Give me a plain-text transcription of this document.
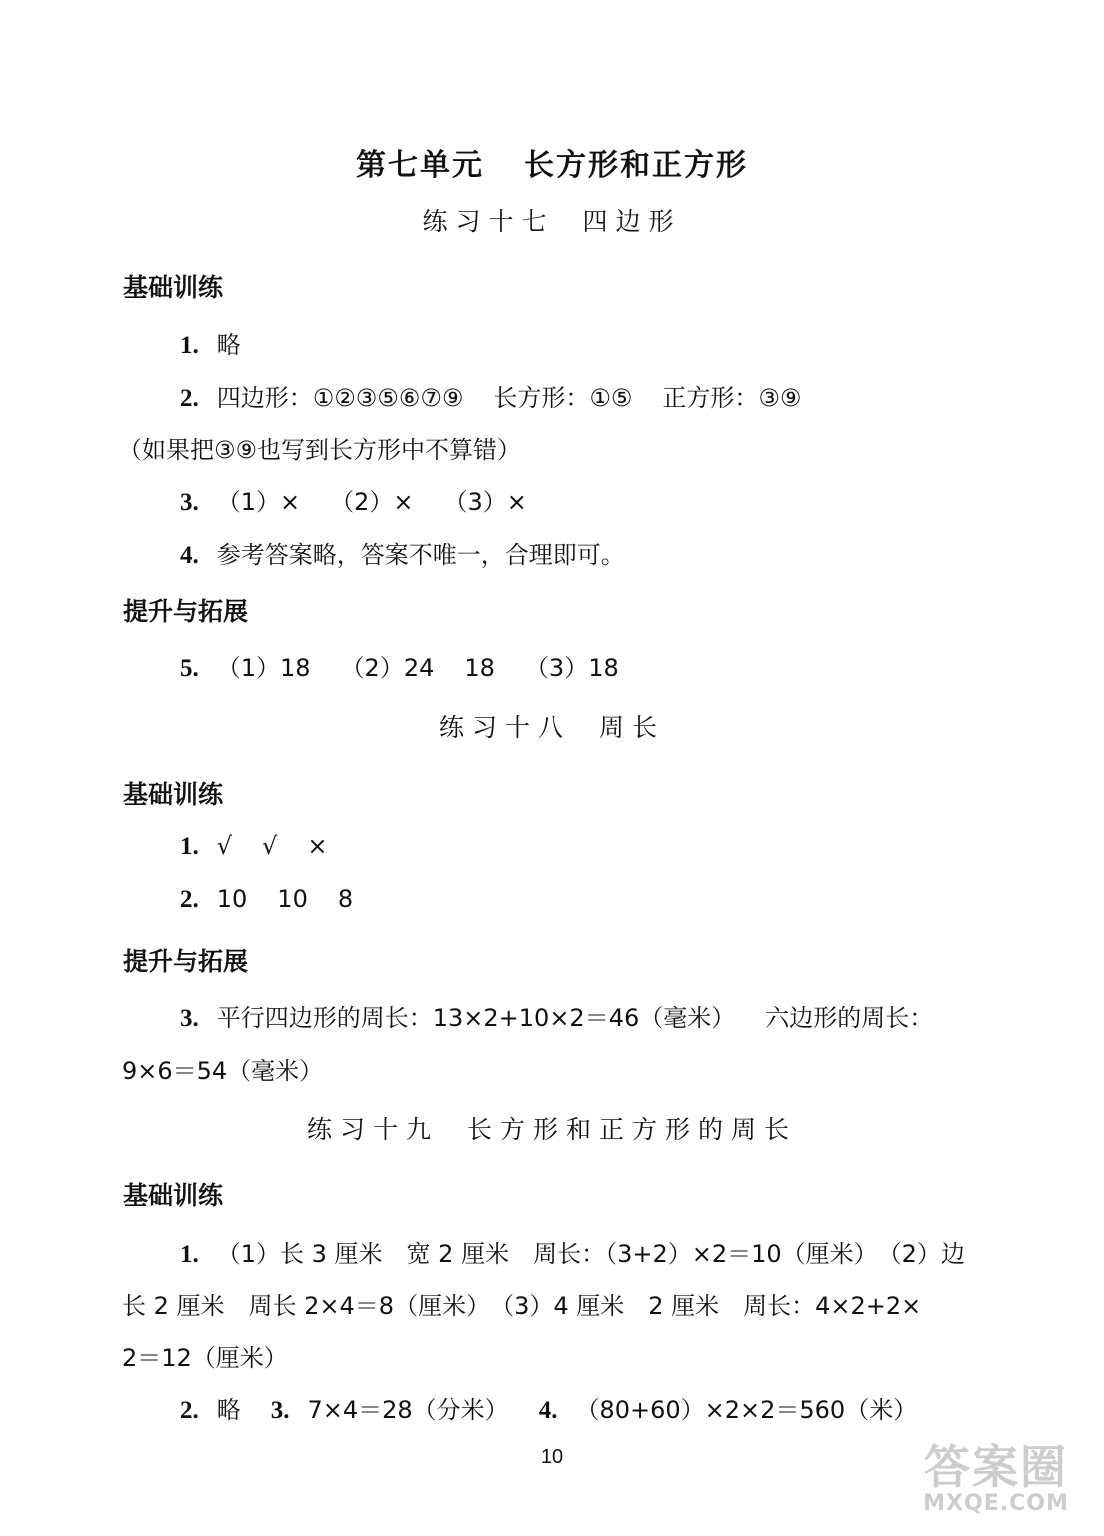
第七单元 长方形和正方形
练习十七 四边形
基础训练
1. 略
2. 四边形：①②③⑤⑥⑦⑨ 长方形：①⑤ 正方形：③⑨
（如果把③⑨也写到长方形中不算错）
3. （1）× （2）× （3）×
4. 参考答案略，答案不唯一，合理即可。
提升与拓展
5. （1）18 （2）24 18 （3）18
练习十八 周长
基础训练
1. √ √ ×
2. 10 10 8
提升与拓展
3. 平行四边形的周长：13×2+10×2＝46（毫米） 六边形的周长：
9×6＝54（毫米）
练习十九 长方形和正方形的周长
基础训练
1. （1）长 3 厘米　宽 2 厘米　周长：（3+2）×2＝10（厘米）　（2）边
长 2 厘米　周长 2×4＝8（厘米）　（3）4 厘米　2 厘米　周长：4×2+2×
2＝12（厘米）
2. 略 3. 7×4＝28（分米） 4. （80+60）×2×2＝560（米）
10	答案圈
MXQE.COM
